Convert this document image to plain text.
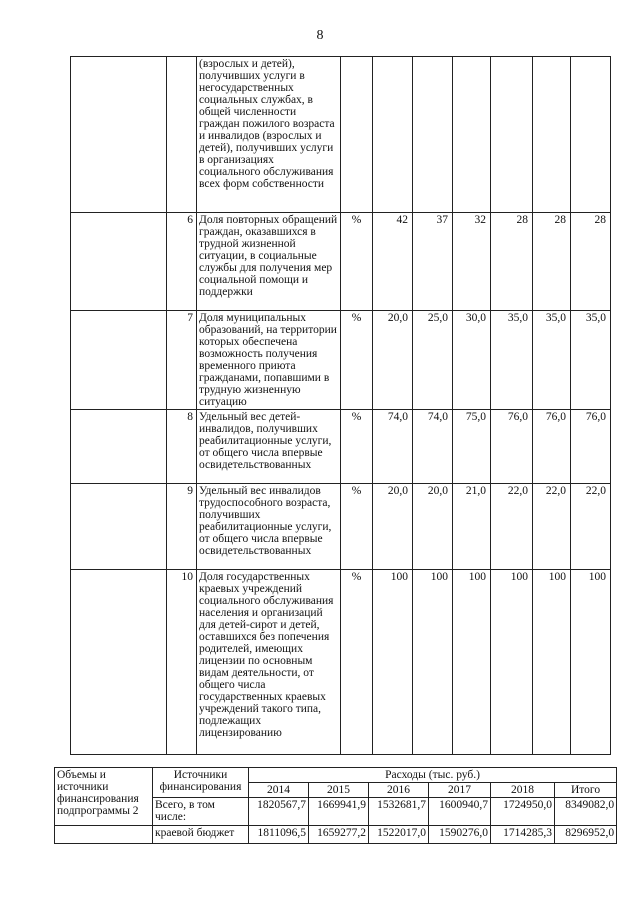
8
		(взрослых и детей), получивших услуги в негосударственных социальных службах, в общей численности граждан пожилого возраста и инвалидов (взрослых и детей), получивших услуги в организациях социального обслуживания всех форм собственности							
	6	Доля повторных обращений граждан, оказавшихся в трудной жизненной ситуации, в социальные службы для получения мер социальной помощи и поддержки	%	42	37	32	28	28	28
	7	Доля муниципальных образований, на территории которых обеспечена возможность получения временного приюта гражданами, попавшими в трудную жизненную ситуацию	%	20,0	25,0	30,0	35,0	35,0	35,0
	8	Удельный вес детей-инвалидов, получивших реабилитационные услуги, от общего числа впервые освидетельствованных	%	74,0	74,0	75,0	76,0	76,0	76,0
	9	Удельный вес инвалидов трудоспособного возраста, получивших реабилитационные услуги, от общего числа впервые освидетельствованных	%	20,0	20,0	21,0	22,0	22,0	22,0
	10	Доля государственных краевых учреждений социального обслуживания населения и организаций для детей-сирот и детей, оставшихся без попечения родителей, имеющих лицензии по основным видам деятельности, от общего числа государственных краевых учреждений такого типа, подлежащих лицензированию	%	100	100	100	100	100	100
Объемы и источники финансирования подпрограммы 2	Источники финансирования	Расходы (тыс. руб.)					
		2014	2015	2016	2017	2018	Итого
	Всего, в том числе:	1820567,7	1669941,9	1532681,7	1600940,7	1724950,0	8349082,0
	краевой бюджет	1811096,5	1659277,2	1522017,0	1590276,0	1714285,3	8296952,0
